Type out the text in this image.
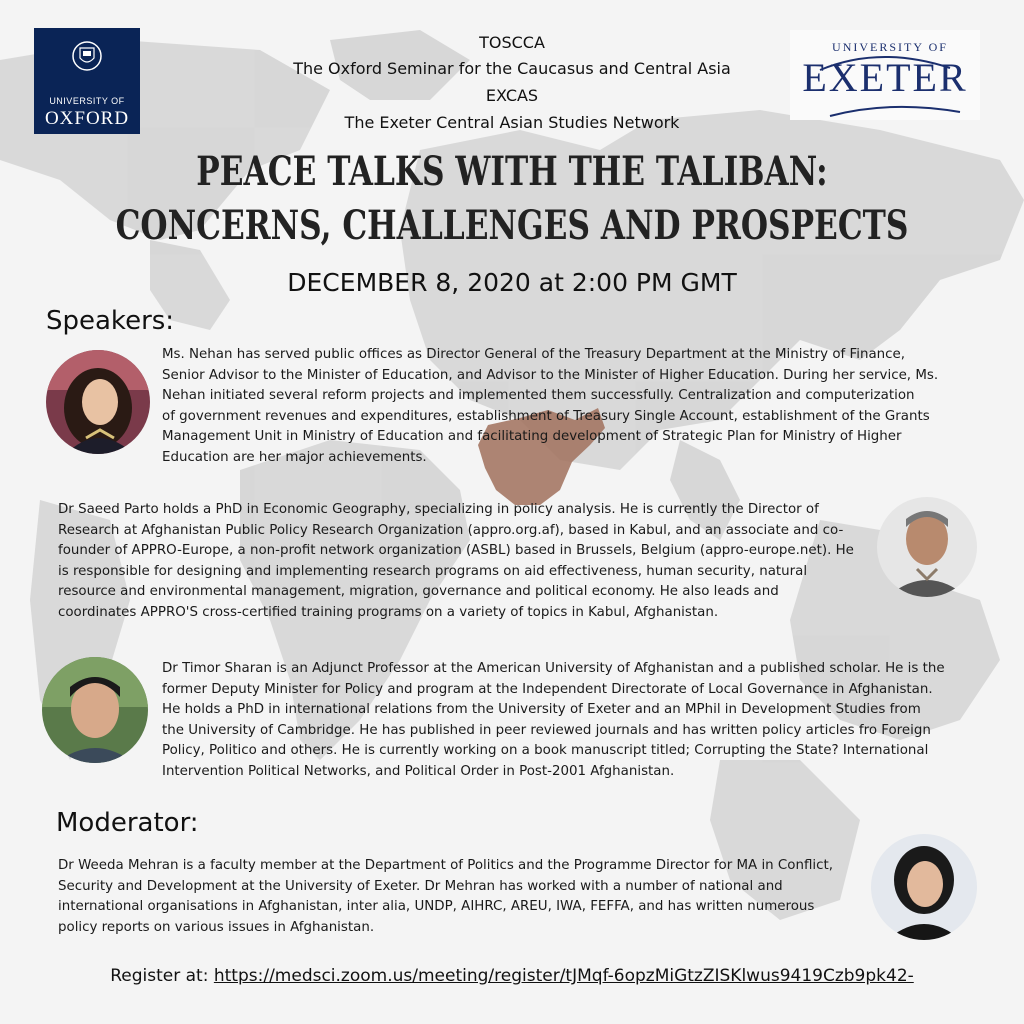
UNIVERSITY OF
OXFORD
UNIVERSITY OF
EXETER
TOSCCA
The Oxford Seminar for the Caucasus and Central Asia
EXCAS
The Exeter Central Asian Studies Network
PEACE TALKS WITH THE TALIBAN:
CONCERNS, CHALLENGES AND PROSPECTS
DECEMBER 8, 2020 at 2:00 PM GMT
Speakers:
Ms. Nehan has served public offices as Director General of the Treasury Department at the Ministry of Finance,
Senior Advisor to the Minister of Education, and Advisor to the Minister of Higher Education. During her service, Ms.
Nehan initiated several reform projects and implemented them successfully. Centralization and computerization
of government revenues and expenditures, establishment of Treasury Single Account, establishment of the Grants
Management Unit in Ministry of Education and facilitating development of Strategic Plan for Ministry of Higher
Education are her major achievements.
Dr Saeed Parto holds a PhD in Economic Geography, specializing in policy analysis. He is currently the Director of
Research at Afghanistan Public Policy Research Organization (appro.org.af), based in Kabul, and an associate and co-
founder of APPRO-Europe, a non-profit network organization (ASBL) based in Brussels, Belgium (appro-europe.net). He
is responsible for designing and implementing research programs on aid effectiveness, human security, natural
resource and environmental management, migration, governance and political economy. He also leads and
coordinates APPRO'S cross-certified training programs on a variety of topics in Kabul, Afghanistan.
Dr Timor Sharan is an Adjunct Professor at the American University of Afghanistan and a published scholar. He is the
former Deputy Minister for Policy and program at the Independent Directorate of Local Governance in Afghanistan.
He holds a PhD in international relations from the University of Exeter and an MPhil in Development Studies from
the University of Cambridge. He has published in peer reviewed journals and has written policy articles fro Foreign
Policy, Politico and others. He is currently working on a book manuscript titled; Corrupting the State? International
Intervention Political Networks, and Political Order in Post-2001 Afghanistan.
Moderator:
Dr Weeda Mehran is a faculty member at the Department of Politics and the Programme Director for MA in Conflict,
Security and Development at the University of Exeter. Dr Mehran has worked with a number of national and
international organisations in Afghanistan, inter alia, UNDP, AIHRC, AREU, IWA, FEFFA, and has written numerous
policy reports on various issues in Afghanistan.
Register at: https://medsci.zoom.us/meeting/register/tJMqf-6opzMiGtzZISKlwus9419Czb9pk42-
